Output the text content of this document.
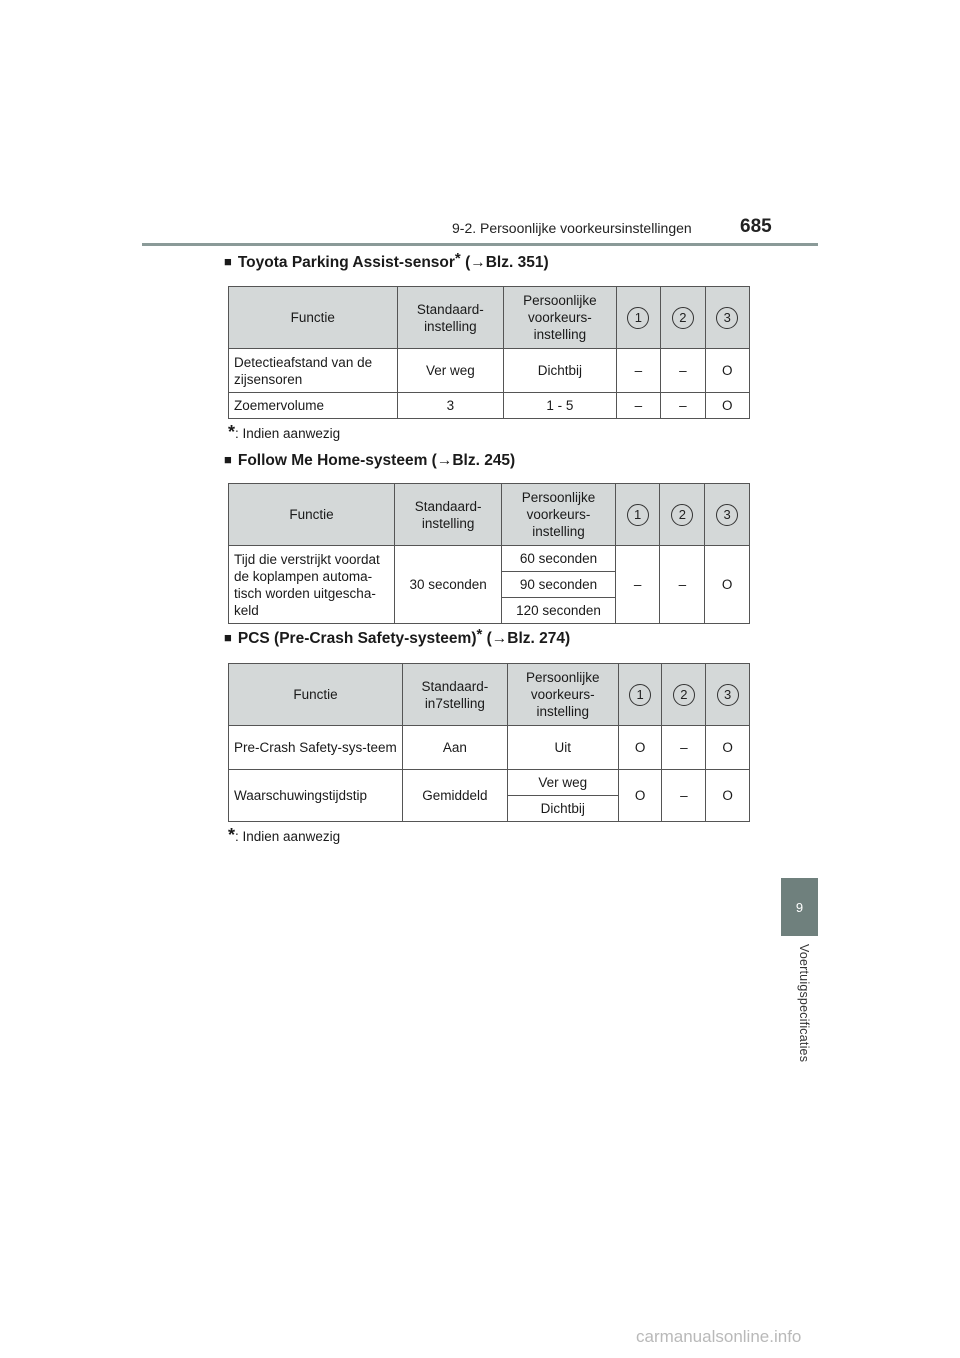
9-2. Persoonlijke voorkeursinstellingen	685
9
Voertuigspecificaties
■ Toyota Parking Assist-sensor* (→Blz. 351)
Functie	Standaard-instelling	Persoonlijke voorkeurs-instelling	1	2	3
Detectieafstand van de zijsensoren	Ver weg	Dichtbij	–	–	O
Zoemervolume	3	1 - 5	–	–	O
*: Indien aanwezig
■ Follow Me Home-systeem (→Blz. 245)
Functie	Standaard-instelling	Persoonlijke voorkeurs-instelling	1	2	3
Tijd die verstrijkt voordat de koplampen automa-tisch worden uitgescha-keld	30 seconden	60 seconden	–	–	O
		90 seconden			
		120 seconden			
■ PCS (Pre-Crash Safety-systeem)* (→Blz. 274)
Functie	Standaard-in7stelling	Persoonlijke voorkeurs-instelling	1	2	3
Pre-Crash Safety-sys-teem	Aan	Uit	O	–	O
Waarschuwingstijdstip	Gemiddeld	Ver weg	O	–	O
		Dichtbij			
*: Indien aanwezig
carmanualsonline.info
